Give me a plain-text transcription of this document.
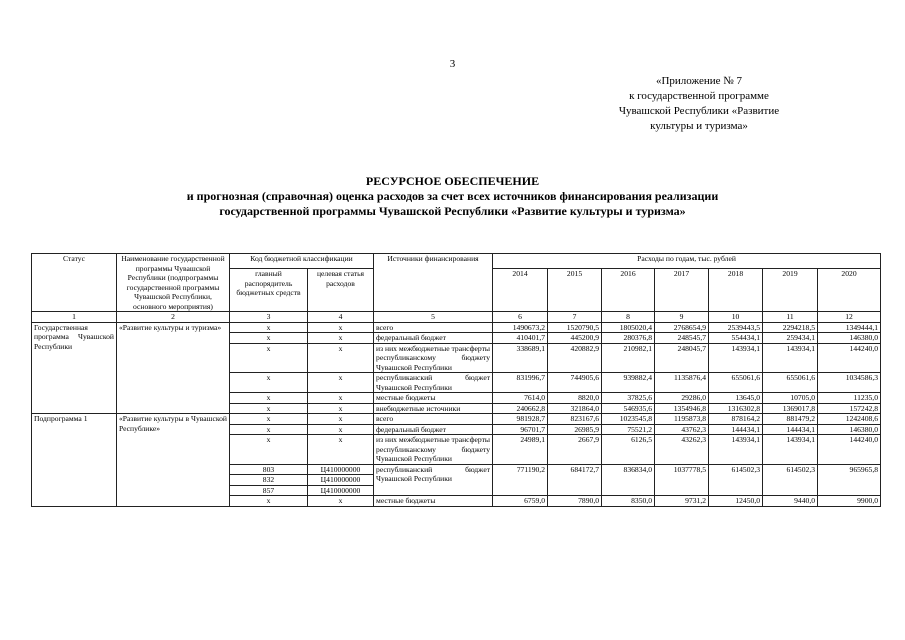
3
«Приложение № 7
к государственной программе
Чувашской Республики «Развитие
культуры и туризма»
РЕСУРСНОЕ ОБЕСПЕЧЕНИЕ
и прогнозная (справочная) оценка расходов за счет всех источников финансирования реализации
государственной программы Чувашской Республики «Развитие культуры и туризма»
Статус	Наименование государственной программы Чувашской Республики (подпрограммы государственной программы Чувашской Республики, основного мероприятия)	Код бюджетной классификации		Источники финансирования	Расходы по годам, тыс. рублей						
		главный распорядитель бюджетных средств	целевая статья расходов		2014	2015	2016	2017	2018	2019	2020
1	2	3	4	5	6	7	8	9	10	11	12
Государственная программа Чувашской Республики	«Развитие культуры и туризма»	x	x	всего	1490673,2	1520790,5	1805020,4	2768654,9	2539443,5	2294218,5	1349444,1
		x	x	федеральный бюджет	410401,7	445200,9	280376,8	248545,7	554434,1	259434,1	146380,0
		x	x	из них межбюджетные трансферты республиканскому бюджету Чувашской Республики	338689,1	420882,9	210982,1	248045,7	143934,1	143934,1	144240,0
		x	x	республиканский бюджет Чувашской Республики	831996,7	744905,6	939882,4	1135876,4	655061,6	655061,6	1034586,3
		x	x	местные бюджеты	7614,0	8820,0	37825,6	29286,0	13645,0	10705,0	11235,0
		x	x	внебюджетные источники	240662,8	321864,0	546935,6	1354946,8	1316302,8	1369017,8	157242,8
Подпрограмма 1	«Развитие культуры в Чувашской Республике»	x	x	всего	981928,7	823167,6	1023545,8	1195873,8	878164,2	881479,2	1242408,6
		x	x	федеральный бюджет	96701,7	26985,9	75521,2	43762,3	144434,1	144434,1	146380,0
		x	x	из них межбюджетные трансферты республиканскому бюджету Чувашской Республики	24989,1	2667,9	6126,5	43262,3	143934,1	143934,1	144240,0
		803	Ц410000000	республиканский бюджет Чувашской Республики	771190,2	684172,7	836834,0	1037778,5	614502,3	614502,3	965965,8
		832	Ц410000000								
		857	Ц410000000								
		x	x	местные бюджеты	6759,0	7890,0	8350,0	9731,2	12450,0	9440,0	9900,0
